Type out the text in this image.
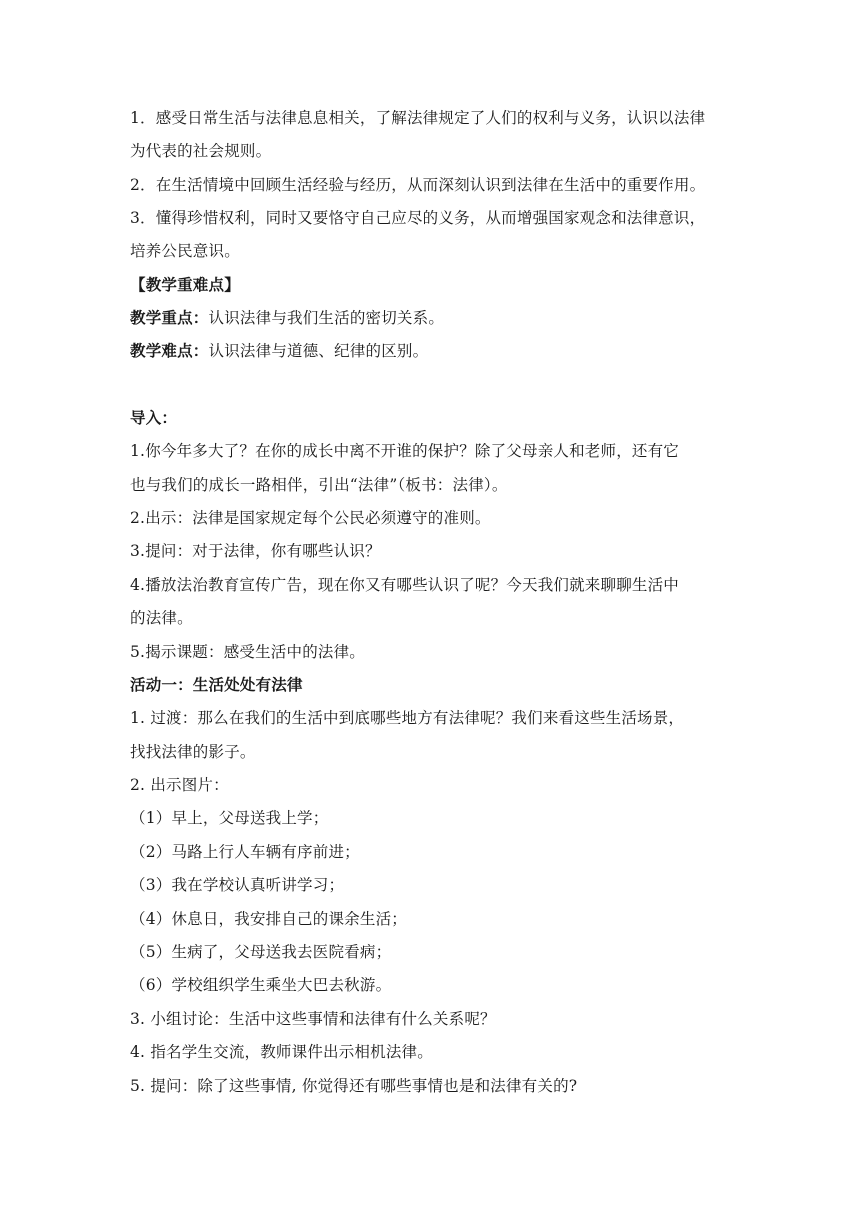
1．感受日常生活与法律息息相关，了解法律规定了人们的权利与义务，认识以法律
为代表的社会规则。
2．在生活情境中回顾生活经验与经历，从而深刻认识到法律在生活中的重要作用。
3．懂得珍惜权利，同时又要恪守自己应尽的义务，从而增强国家观念和法律意识，
培养公民意识。
【教学重难点】
教学重点：认识法律与我们生活的密切关系。
教学难点：认识法律与道德、纪律的区别。
导入：
1.你今年多大了？在你的成长中离不开谁的保护？除了父母亲人和老师，还有它
也与我们的成长一路相伴，引出“法律”（板书：法律）。
2.出示：法律是国家规定每个公民必须遵守的准则。
3.提问：对于法律，你有哪些认识？
4.播放法治教育宣传广告，现在你又有哪些认识了呢？今天我们就来聊聊生活中
的法律。
5.揭示课题：感受生活中的法律。
活动一：生活处处有法律
1. 过渡：那么在我们的生活中到底哪些地方有法律呢？我们来看这些生活场景，
找找法律的影子。
2. 出示图片：
（1）早上，父母送我上学；
（2）马路上行人车辆有序前进；
（3）我在学校认真听讲学习；
（4）休息日，我安排自己的课余生活；
（5）生病了，父母送我去医院看病；
（6）学校组织学生乘坐大巴去秋游。
3. 小组讨论：生活中这些事情和法律有什么关系呢？
4. 指名学生交流，教师课件出示相机法律。
5. 提问：除了这些事情, 你觉得还有哪些事情也是和法律有关的?
